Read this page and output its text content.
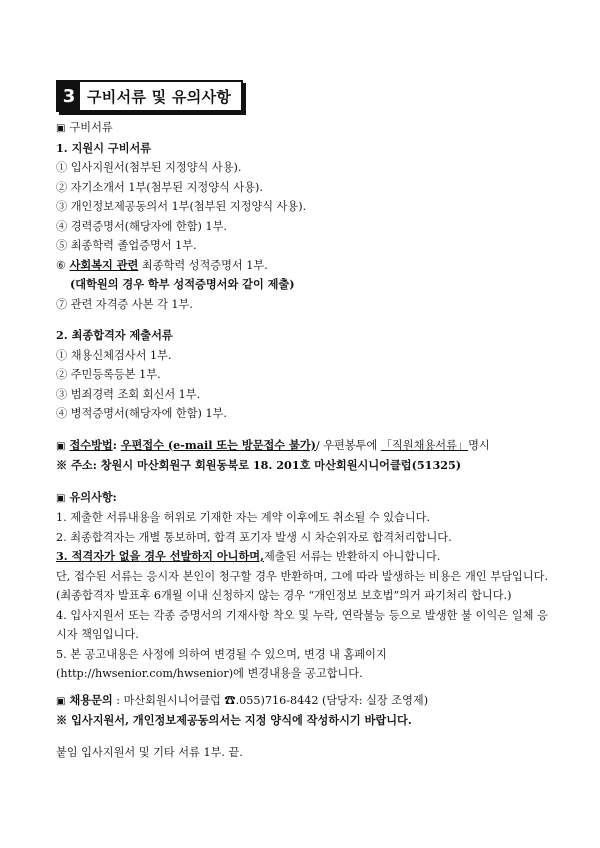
3 구비서류 및 유의사항
▣ 구비서류
1. 지원시 구비서류
① 입사지원서(첨부된 지정양식 사용).
② 자기소개서 1부(첨부된 지정양식 사용).
③ 개인정보제공동의서 1부(첨부된 지정양식 사용).
④ 경력증명서(해당자에 한함) 1부.
⑤ 최종학력 졸업증명서 1부.
⑥ 사회복지 관련 최종학력 성적증명서 1부.
(대학원의 경우 학부 성적증명서와 같이 제출)
⑦ 관련 자격증 사본 각 1부.
2. 최종합격자 제출서류
① 채용신체검사서 1부.
② 주민등록등본 1부.
③ 범죄경력 조회 회신서 1부.
④ 병적증명서(해당자에 한함) 1부.
▣ 접수방법: 우편접수 (e-mail 또는 방문접수 불가)/ 우편봉투에 「직원채용서류」명시
※ 주소: 창원시 마산회원구 회원동북로 18. 201호 마산회원시니어클럽(51325)
▣ 유의사항:
1. 제출한 서류내용을 허위로 기재한 자는 계약 이후에도 취소될 수 있습니다.
2. 최종합격자는 개별 통보하며, 합격 포기자 발생 시 차순위자로 합격처리합니다.
3. 적격자가 없을 경우 선발하지 아니하며,제출된 서류는 반환하지 아니합니다.
단, 접수된 서류는 응시자 본인이 청구할 경우 반환하며, 그에 따라 발생하는 비용은 개인 부담입니다. (최종합격자 발표후 6개월 이내 신청하지 않는 경우 “개인정보 보호법”의거 파기처리 합니다.)
4. 입사지원서 또는 각종 증명서의 기재사항 착오 및 누락, 연락불능 등으로 발생한 불 이익은 일체 응시자 책임입니다.
5. 본 공고내용은 사정에 의하여 변경될 수 있으며, 변경 내 홈페이지
(http://hwsenior.com/hwsenior)에 변경내용을 공고합니다.
▣ 채용문의 : 마산회원시니어클럽 ☎.055)716-8442 (담당자: 실장 조영제)
※ 입사지원서, 개인정보제공동의서는 지정 양식에 작성하시기 바랍니다.
붙임 입사지원서 및 기타 서류 1부. 끝.
